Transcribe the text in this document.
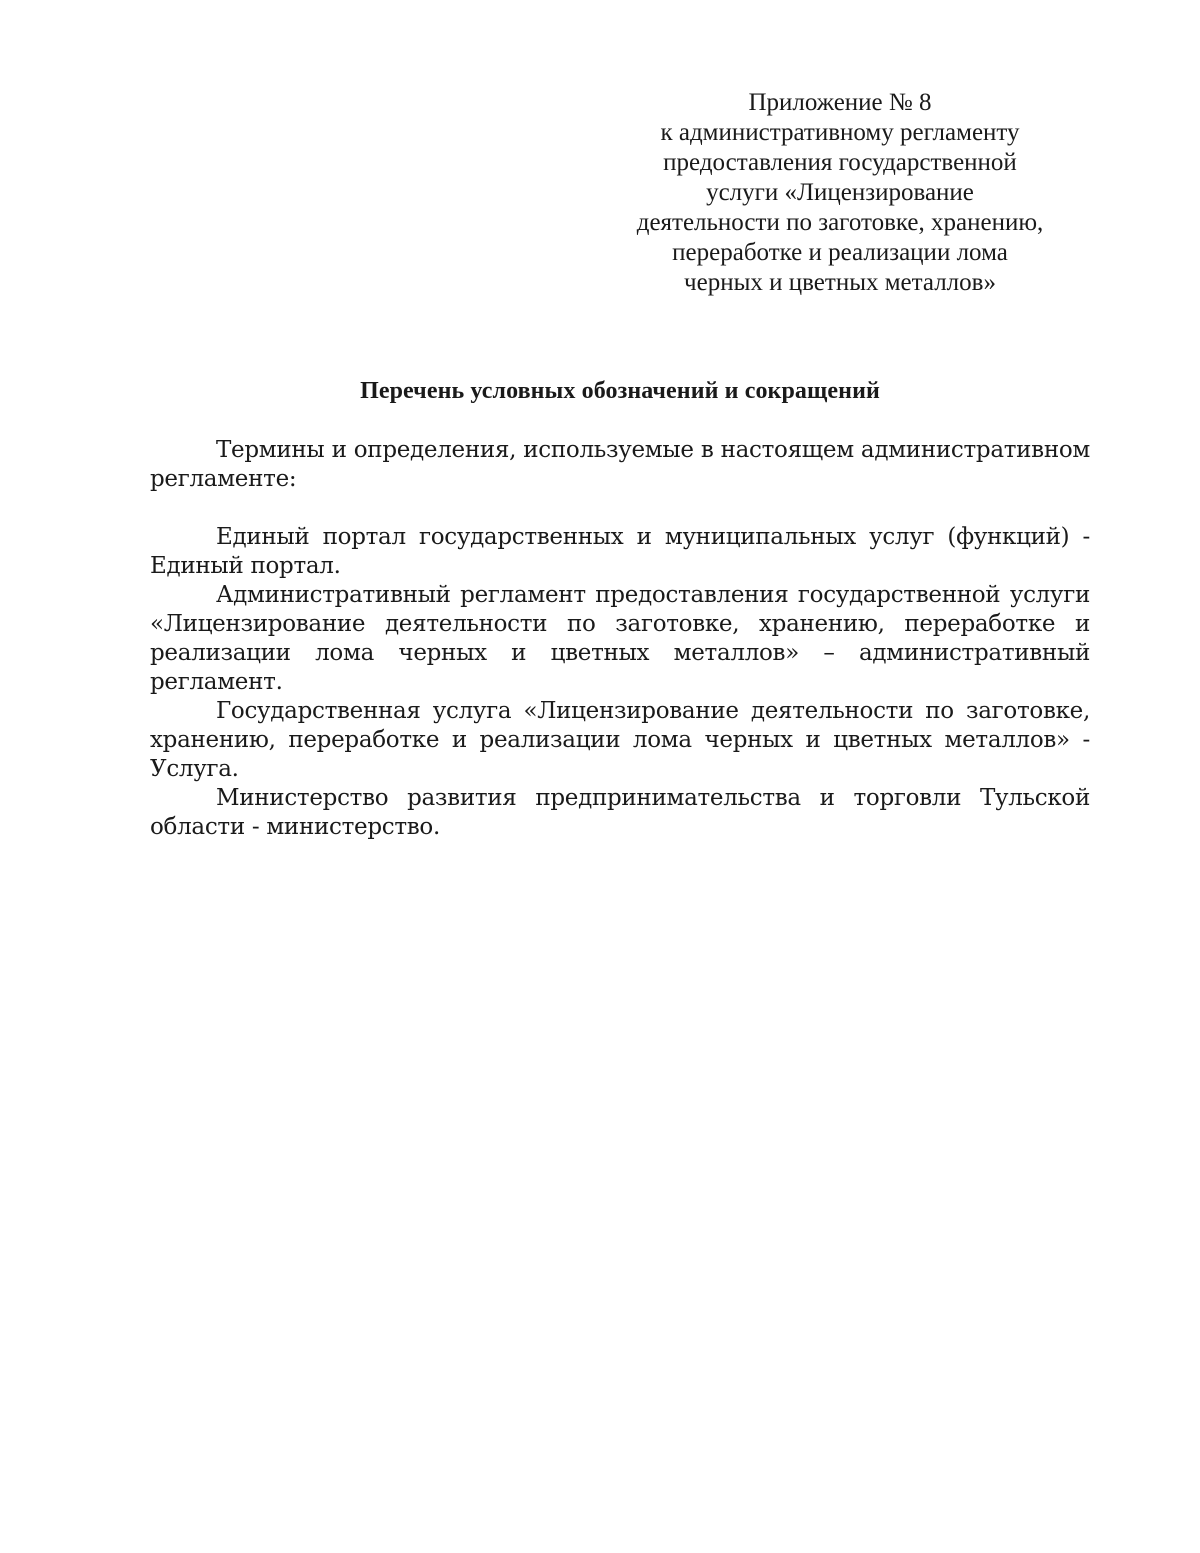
Приложение № 8
к административному регламенту
предоставления государственной
услуги «Лицензирование
деятельности по заготовке, хранению,
переработке и реализации лома
черных и цветных металлов»
Перечень условных обозначений и сокращений

Термины и определения, используемые в настоящем административном регламенте:

Единый портал государственных и муниципальных услуг (функций) - Единый портал.

Административный регламент предоставления государственной услуги «Лицензирование деятельности по заготовке, хранению, переработке и реализации лома черных и цветных металлов» – административный регламент.

Государственная услуга «Лицензирование деятельности по заготовке, хранению, переработке и реализации лома черных и цветных металлов» - Услуга.

Министерство развития предпринимательства и торговли Тульской области - министерство.
